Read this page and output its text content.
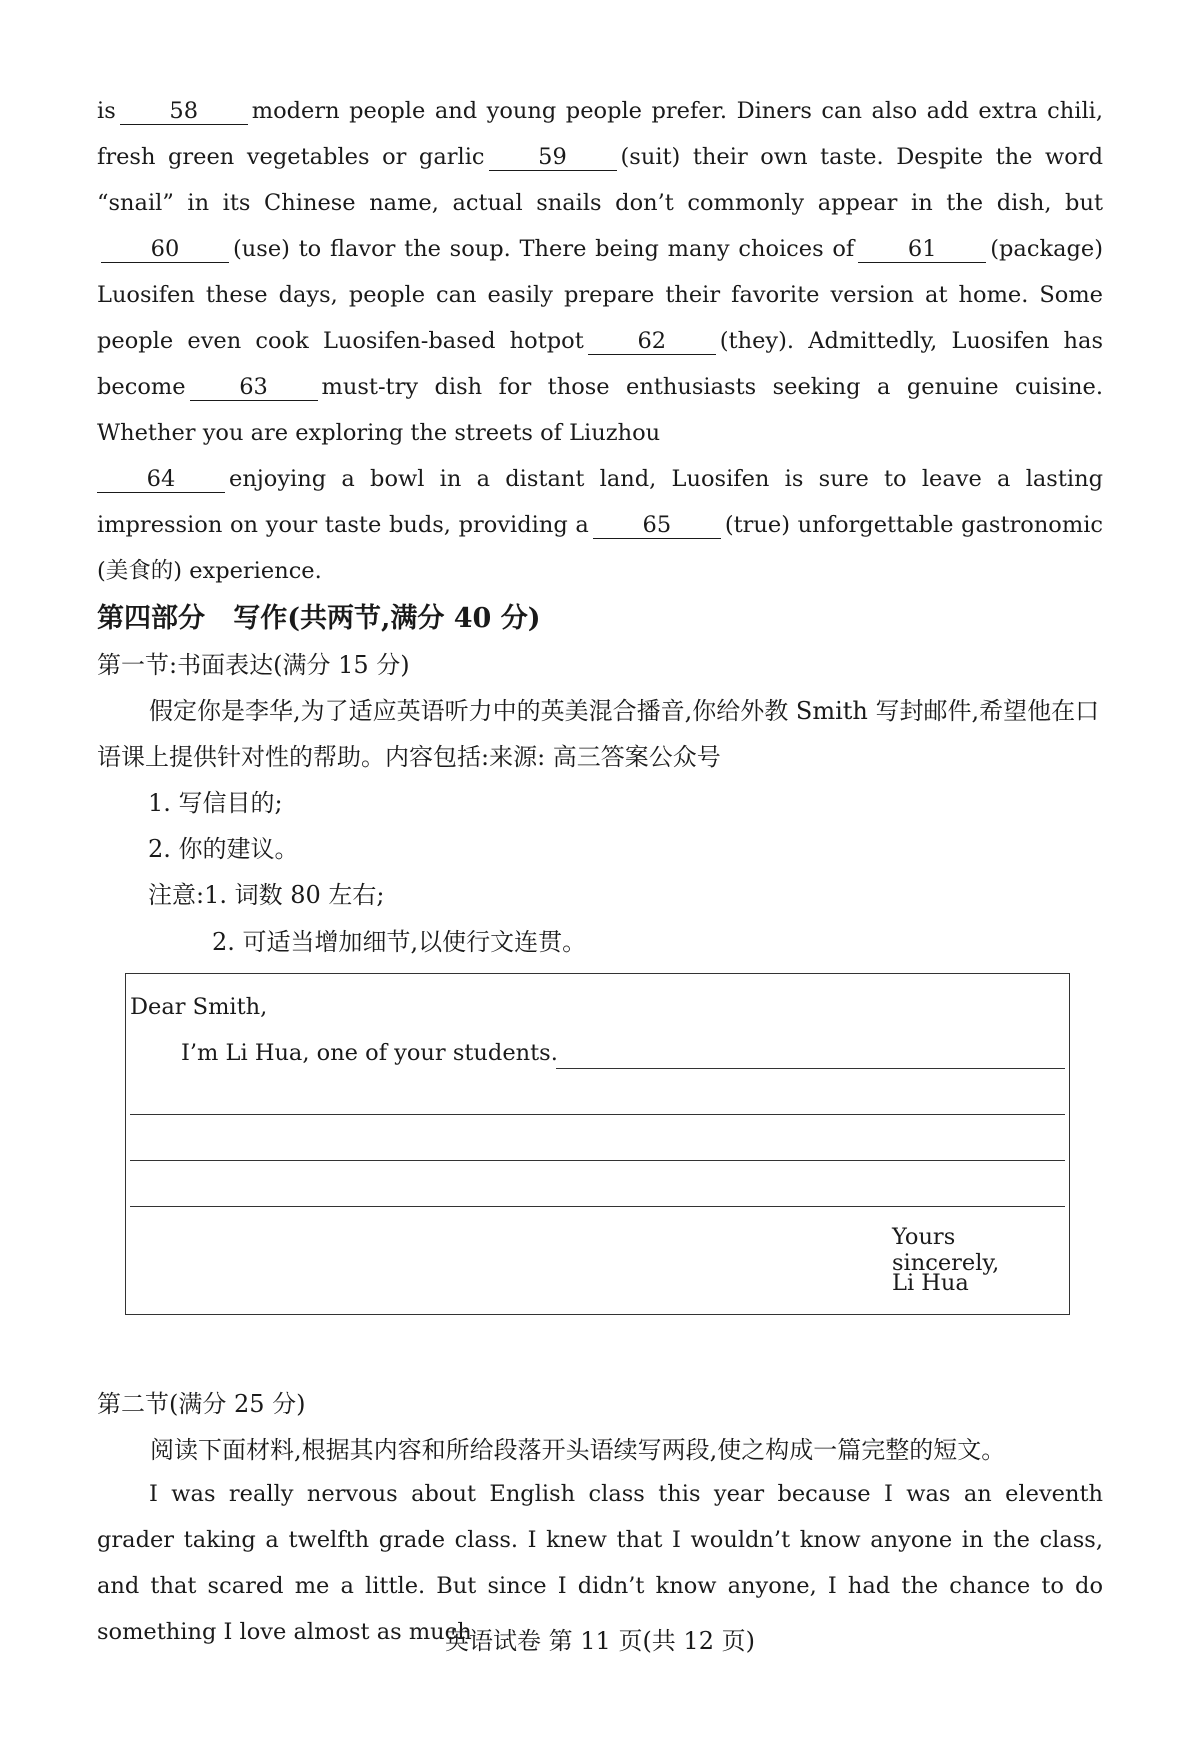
is 58 modern people and young people prefer. Diners can also add extra chili, fresh green vegetables or garlic 59 (suit) their own taste. Despite the word “snail” in its Chinese name, actual snails don’t commonly appear in the dish, but60 (use) to flavor the soup. There being many choices of 61 (package) Luosifen these days, people can easily prepare their favorite version at home. Some people even cook Luosifen-based hotpot 62 (they). Admittedly, Luosifen has become 63 must-try dish for those enthusiasts seeking a genuine cuisine. Whether you are exploring the streets of Liuzhou
64 enjoying a bowl in a distant land, Luosifen is sure to leave a lasting impression on your taste buds, providing a 65 (true) unforgettable gastronomic (美食的) experience.
第四部分   写作(共两节,满分 40 分)
第一节:书面表达(满分 15 分)
假定你是李华,为了适应英语听力中的英美混合播音,你给外教 Smith 写封邮件,希望他在口语课上提供针对性的帮助。内容包括:来源: 高三答案公众号
1. 写信目的;
2. 你的建议。
注意:1. 词数 80 左右;
2. 可适当增加细节,以使行文连贯。
Dear Smith,
I’m Li Hua, one of your students.
Yours sincerely,
Li Hua
第二节(满分 25 分)
阅读下面材料,根据其内容和所给段落开头语续写两段,使之构成一篇完整的短文。
I was really nervous about English class this year because I was an eleventh grader taking a twelfth grade class. I knew that I wouldn’t know anyone in the class, and that scared me a little. But since I didn’t know anyone, I had the chance to do something I love almost as much
英语试卷 第 11 页(共 12 页)
